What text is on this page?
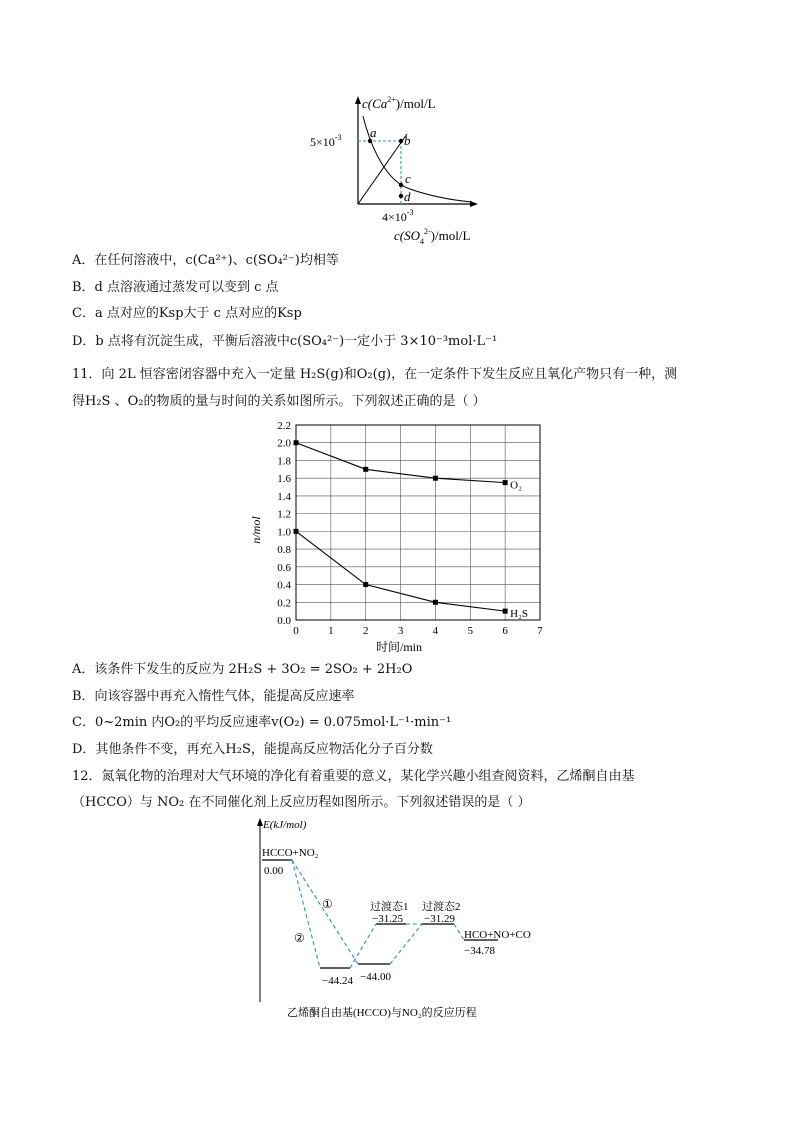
$c(Ca^{2+})/mol/L$
$5\times 10^{-3}$ a
b
c
d
$4\times 10^{-3}$
$c(SO_4^{2-})/mol/L$
A．在任何溶液中，c(Ca²⁺)、c(SO₄²⁻)均相等
B．d 点溶液通过蒸发可以变到 c 点
C．a 点对应的Ksp大于 c 点对应的Ksp
D．b 点将有沉淀生成，平衡后溶液中c(SO₄²⁻)一定小于 3×10⁻³mol·L⁻¹
11．向 2L 恒容密闭容器中充入一定量 H₂S(g)和O₂(g)，在一定条件下发生反应且氧化产物只有一种，测
得H₂S 、O₂的物质的量与时间的关系如图所示。下列叙述正确的是（ ）
0.0
0.2
0.4
0.6
0.8
1.0
1.2
1.4
1.6
1.8
2.0
2.2
0	1	2	3	4	5	6	7
O₂
H₂S
n/mol
时间/min
A．该条件下发生的反应为 2H₂S + 3O₂ = 2SO₂ + 2H₂O
B．向该容器中再充入惰性气体，能提高反应速率
C．0~2min 内O₂的平均反应速率v(O₂) = 0.075mol·L⁻¹·min⁻¹
D．其他条件不变，再充入H₂S，能提高反应物活化分子百分数
12．氮氧化物的治理对大气环境的净化有着重要的意义，某化学兴趣小组查阅资料，乙烯酮自由基
（HCCO）与 NO₂ 在不同催化剂上反应历程如图所示。下列叙述错误的是（ ）
E(kJ/mol)
HCCO+NO₂
0.00
−44.24 −44.00
过渡态1
−31.25
过渡态2
−31.29
HCO+NO+CO
−34.78
①
②
乙烯酮自由基(HCCO)与NO₂的反应历程
